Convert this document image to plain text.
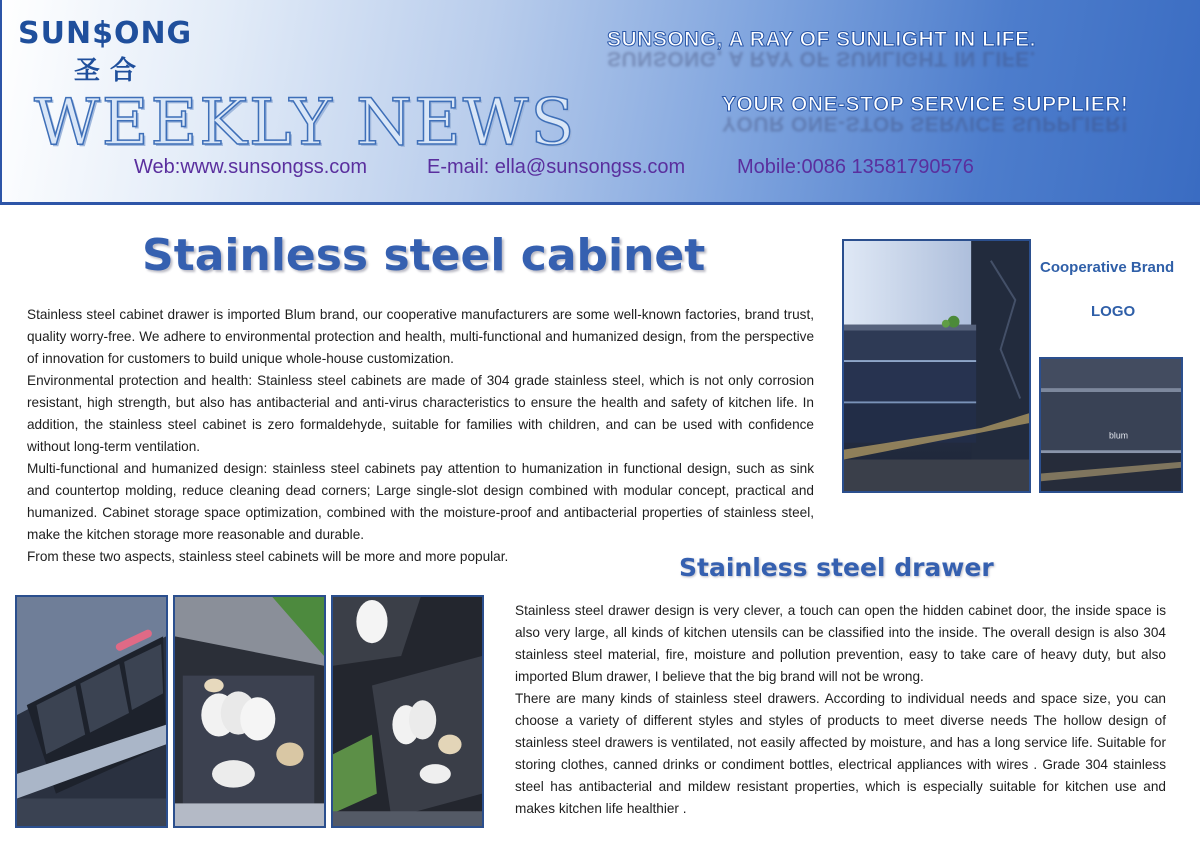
SUN$ONG
圣合
WEEKLY NEWS
SUNSONG, A RAY OF SUNLIGHT IN LIFE.
SUNSONG, A RAY OF SUNLIGHT IN LIFE.
YOUR ONE-STOP SERVICE SUPPLIER!
YOUR ONE-STOP SERVICE SUPPLIER!
Web:www.sunsongss.com	E-mail: ella@sunsongss.com	Mobile:0086 13581790576
Stainless steel cabinet

Stainless steel cabinet drawer is imported Blum brand, our cooperative manufacturers are some well-known factories, brand trust, quality worry-free. We adhere to environmental protection and health, multi-functional and humanized design, from the perspective of innovation for customers to build unique whole-house customization.

Environmental protection and health: Stainless steel cabinets are made of 304 grade stainless steel, which is not only corrosion resistant, high strength, but also has antibacterial and anti-virus characteristics to ensure the health and safety of kitchen life. In addition, the stainless steel cabinet is zero formaldehyde, suitable for families with children, and can be used with confidence without long-term ventilation.

Multi-functional and humanized design: stainless steel cabinets pay attention to humanization in functional design, such as sink and countertop molding, reduce cleaning dead corners; Large single-slot design combined with modular concept, practical and humanized. Cabinet storage space optimization, combined with the moisture-proof and antibacterial properties of stainless steel, make the kitchen storage more reasonable and durable.

From these two aspects, stainless steel cabinets will be more and more popular.

Cooperative Brand
LOGO
blum
Stainless steel drawer

Stainless steel drawer design is very clever, a touch can open the hidden cabinet door, the inside space is also very large, all kinds of kitchen utensils can be classified into the inside. The overall design is also 304 stainless steel material, fire, moisture and pollution prevention, easy to take care of heavy duty, but also imported Blum drawer, I believe that the big brand will not be wrong.

There are many kinds of stainless steel drawers. According to individual needs and space size, you can choose a variety of different styles and styles of products to meet diverse needs The hollow design of stainless steel drawers is ventilated, not easily affected by moisture, and has a long service life. Suitable for storing clothes, canned drinks or condiment bottles, electrical appliances with wires . Grade 304 stainless steel has antibacterial and mildew resistant properties, which is especially suitable for kitchen use and makes kitchen life healthier .
